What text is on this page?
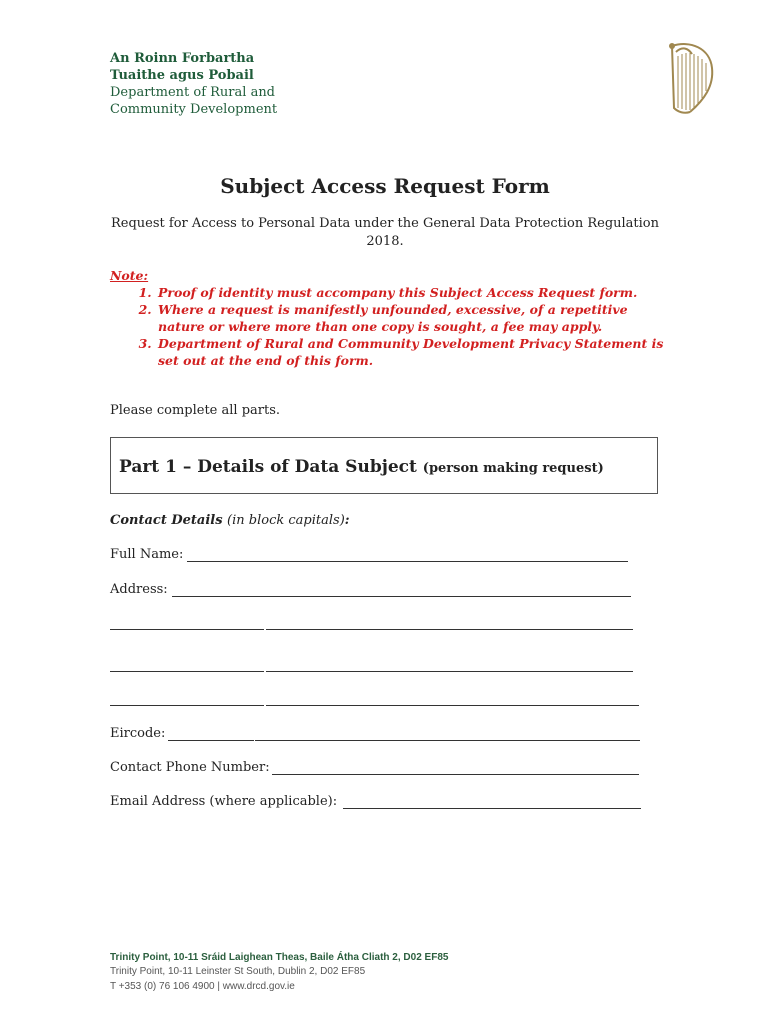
An Roinn Forbartha
Tuaithe agus Pobail
Department of Rural and
Community Development
Subject Access Request Form
Request for Access to Personal Data under the General Data Protection Regulation 2018.
Note:
1. Proof of identity must accompany this Subject Access Request form.
2. Where a request is manifestly unfounded, excessive, of a repetitive nature or where more than one copy is sought, a fee may apply.
3. Department of Rural and Community Development Privacy Statement is set out at the end of this form.
Please complete all parts.
Part 1 – Details of Data Subject (person making request)
Contact Details (in block capitals):
Full Name:
Address:
Eircode:
Contact Phone Number:
Email Address (where applicable):
Trinity Point, 10-11 Sráid Laighean Theas, Baile Átha Cliath 2, D02 EF85
Trinity Point, 10-11 Leinster St South, Dublin 2, D02 EF85
T +353 (0) 76 106 4900 | www.drcd.gov.ie
